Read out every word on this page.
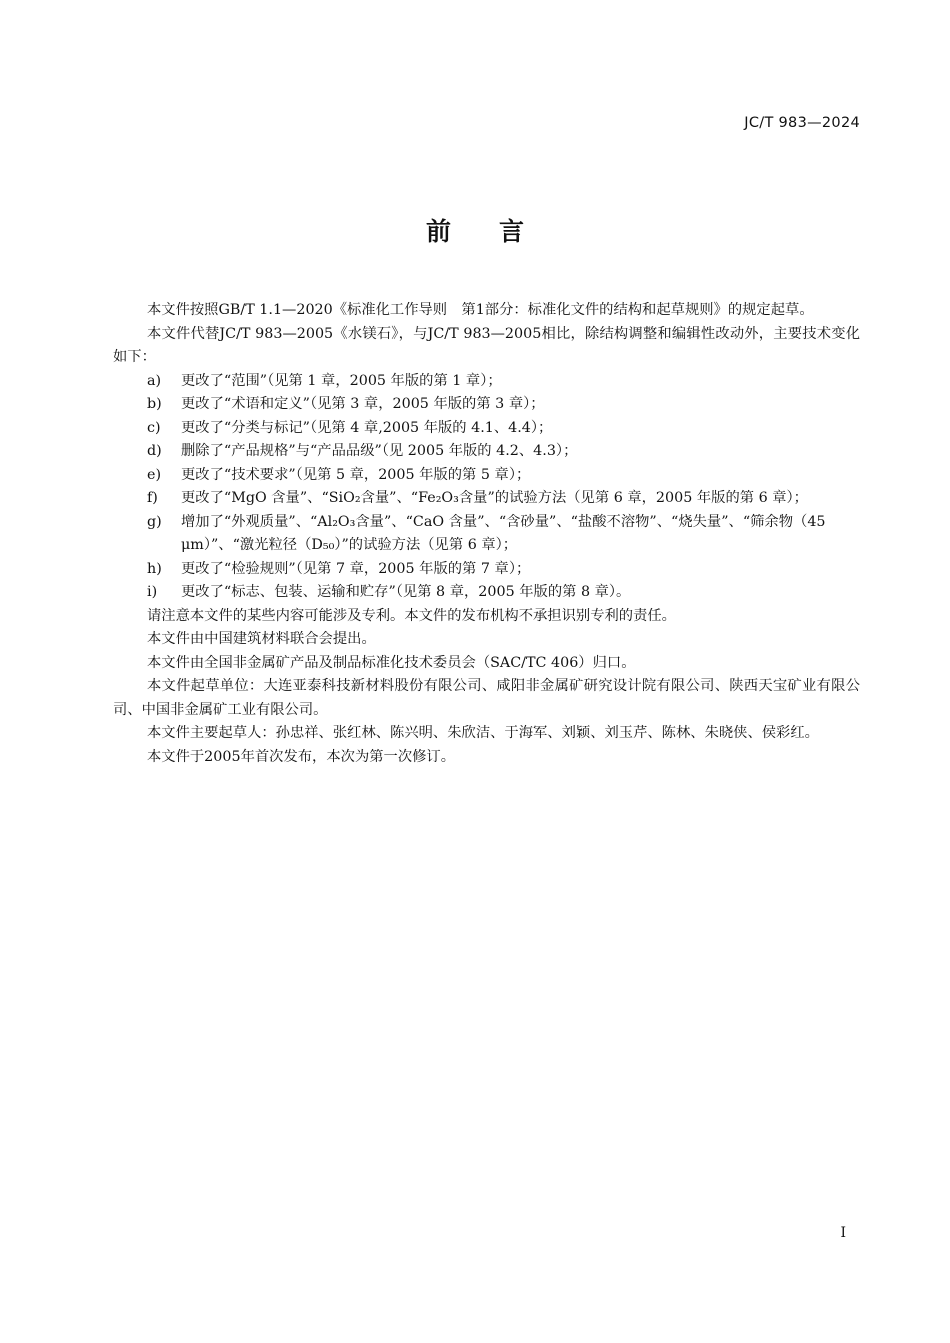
JC/T 983—2024
前言

本文件按照GB/T 1.1—2020《标准化工作导则　第1部分：标准化文件的结构和起草规则》的规定起草。

本文件代替JC/T 983—2005《水镁石》，与JC/T 983—2005相比，除结构调整和编辑性改动外，主要技术变化如下：

a)	更改了“范围”（见第 1 章，2005 年版的第 1 章）；
b)	更改了“术语和定义”（见第 3 章，2005 年版的第 3 章）；
c)	更改了“分类与标记”（见第 4 章,2005 年版的 4.1、4.4）；
d)	删除了“产品规格”与“产品品级”（见 2005 年版的 4.2、4.3）；
e)	更改了“技术要求”（见第 5 章，2005 年版的第 5 章）；
f)	更改了“MgO 含量”、“SiO₂含量”、“Fe₂O₃含量”的试验方法（见第 6 章，2005 年版的第 6 章）；
g)	增加了“外观质量”、“Al₂O₃含量”、“CaO 含量”、“含砂量”、“盐酸不溶物”、“烧失量”、“筛余物（45 μm）”、“激光粒径（D₅₀）”的试验方法（见第 6 章）；
h)	更改了“检验规则”（见第 7 章，2005 年版的第 7 章）；
i)	更改了“标志、包装、运输和贮存”（见第 8 章，2005 年版的第 8 章）。

请注意本文件的某些内容可能涉及专利。本文件的发布机构不承担识别专利的责任。

本文件由中国建筑材料联合会提出。

本文件由全国非金属矿产品及制品标准化技术委员会（SAC/TC 406）归口。

本文件起草单位：大连亚泰科技新材料股份有限公司、咸阳非金属矿研究设计院有限公司、陕西天宝矿业有限公司、中国非金属矿工业有限公司。

本文件主要起草人：孙忠祥、张红林、陈兴明、朱欣洁、于海军、刘颖、刘玉芹、陈林、朱晓侠、侯彩红。

本文件于2005年首次发布，本次为第一次修订。

I
